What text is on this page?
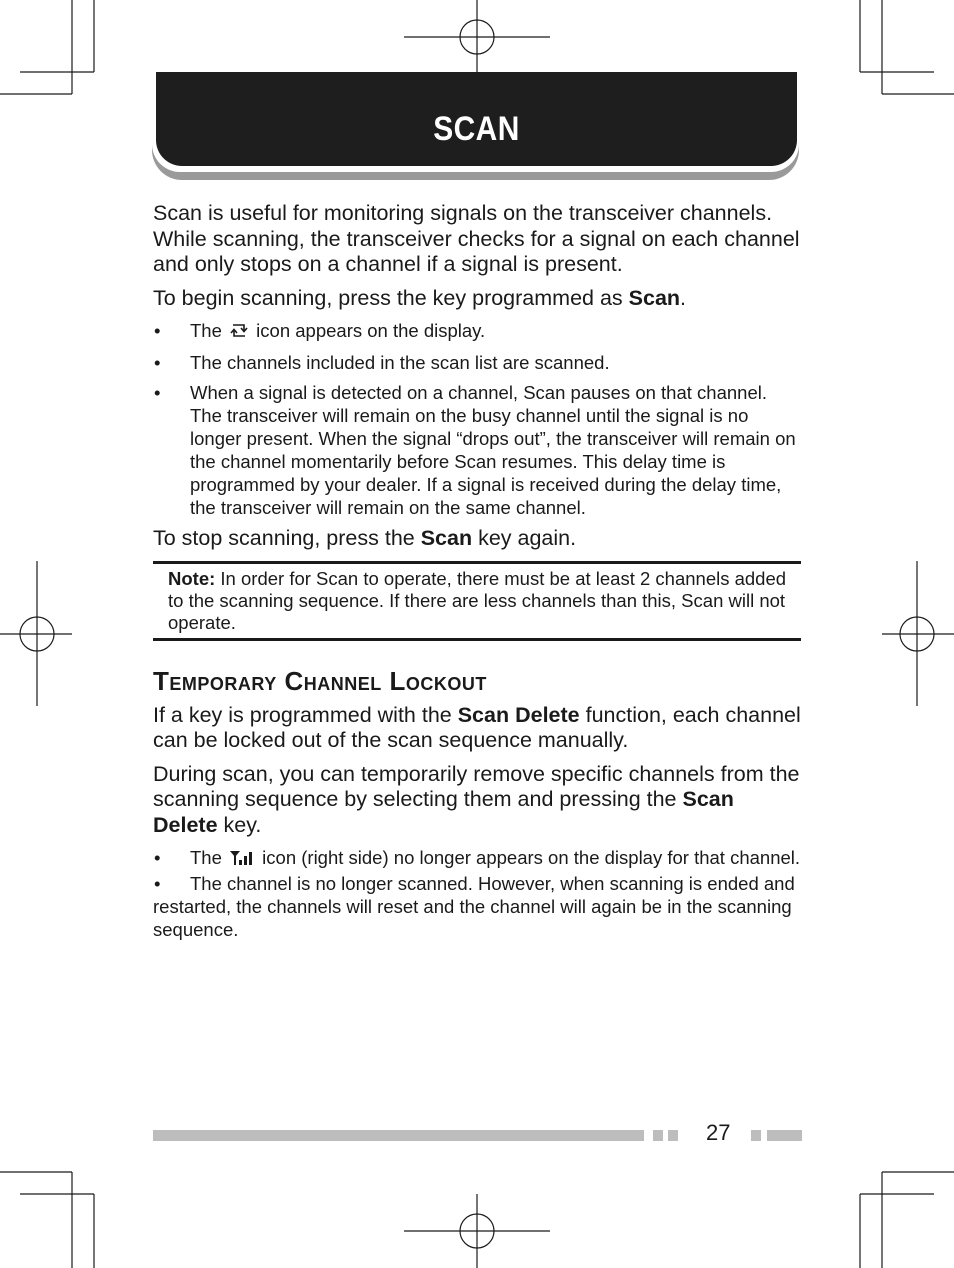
SCAN

Scan is useful for monitoring signals on the transceiver channels. While scanning, the transceiver checks for a signal on each channel and only stops on a channel if a signal is present.

To begin scanning, press the key programmed as Scan.

• The  icon appears on the display.
• The channels included in the scan list are scanned.
• When a signal is detected on a channel, Scan pauses on that channel. The transceiver will remain on the busy channel until the signal is no longer present. When the signal “drops out”, the transceiver will remain on the channel momentarily before Scan resumes. This delay time is programmed by your dealer. If a signal is received during the delay time, the transceiver will remain on the same channel.

To stop scanning, press the Scan key again.

Note: In order for Scan to operate, there must be at least 2 channels added to the scanning sequence. If there are less channels than this, Scan will not operate.
Temporary Channel Lockout

If a key is programmed with the Scan Delete function, each channel can be locked out of the scan sequence manually.

During scan, you can temporarily remove specific channels from the scanning sequence by selecting them and pressing the Scan Delete key.

• The  icon (right side) no longer appears on the display for that channel.

• The channel is no longer scanned. However, when scanning is ended and restarted, the channels will reset and the channel will again be in the scanning sequence.

27
